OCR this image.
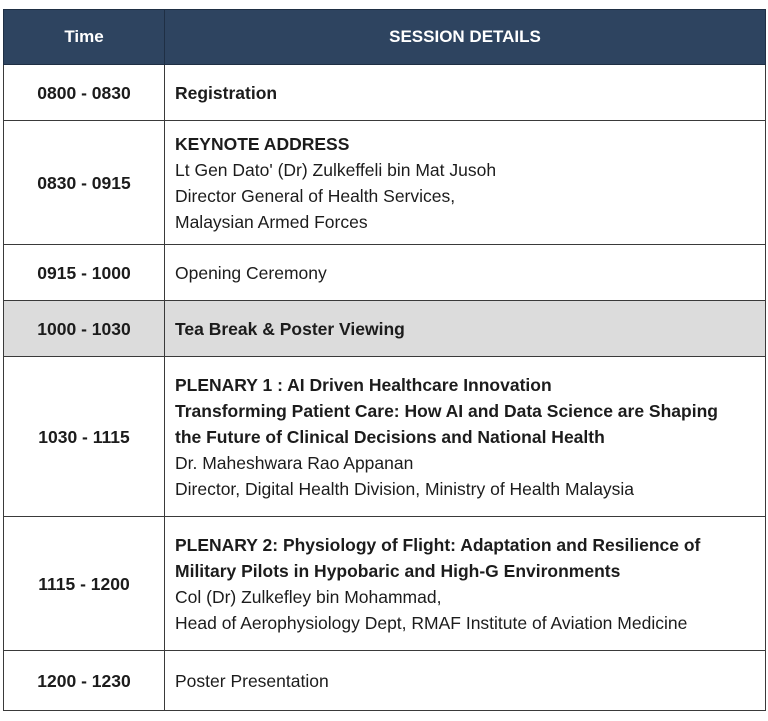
Time	SESSION DETAILS
0800 - 0830	Registration

0830 - 0915	KEYNOTE ADDRESS
Lt Gen Dato' (Dr) Zulkeffeli bin Mat Jusoh
Director General of Health Services,
Malaysian Armed Forces

0915 - 1000	Opening Ceremony

1000 - 1030	Tea Break & Poster Viewing

1030 - 1115	PLENARY 1 : AI Driven Healthcare Innovation
Transforming Patient Care: How AI and Data Science are Shaping
the Future of Clinical Decisions and National Health
Dr. Maheshwara Rao Appanan
Director, Digital Health Division, Ministry of Health Malaysia

1115 - 1200	PLENARY 2: Physiology of Flight: Adaptation and Resilience of
Military Pilots in Hypobaric and High-G Environments
Col (Dr) Zulkefley bin Mohammad,
Head of Aerophysiology Dept, RMAF Institute of Aviation Medicine

1200 - 1230	Poster Presentation
